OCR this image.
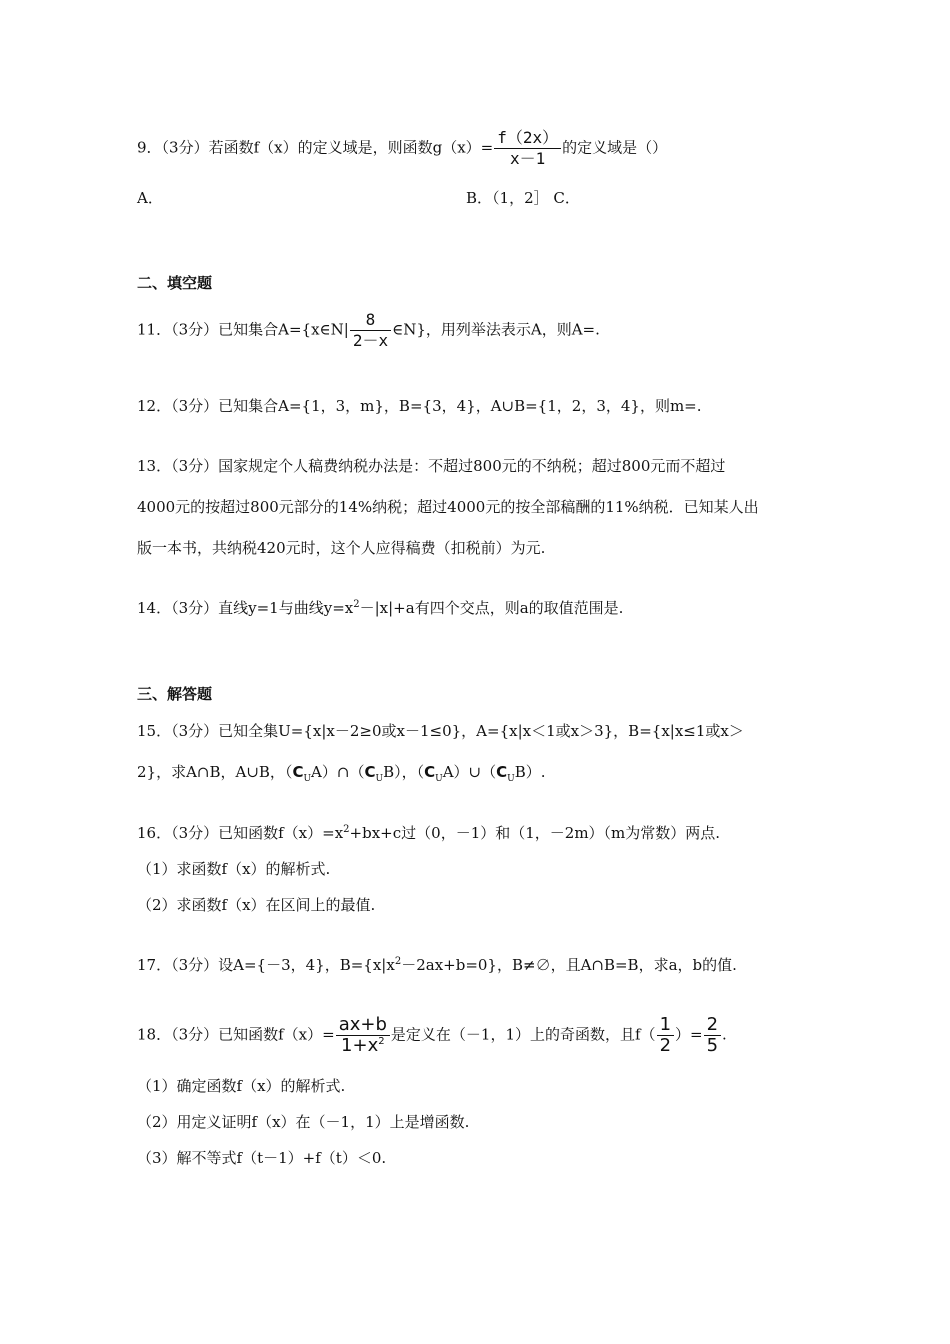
9．（3分）若函数f（x）的定义域是，则函数$g(x)= \frac{f(2x)}{x-1}$ 的定义域是（）
A．	B．（1，2］ C．
二、填空题
11．（3分）已知集合A={x∈N| $\frac{8}{2-x}$ ∈N}，用列举法表示A，则A=.
12．（3分）已知集合A={1，3，m}，B={3，4}，A∪B={1，2，3，4}，则m=.
13．（3分）国家规定个人稿费纳税办法是：不超过800元的不纳税；超过800元而不超过
4000元的按超过800元部分的14%纳税；超过4000元的按全部稿酬的11%纳税．已知某人出
版一本书，共纳税420元时，这个人应得稿费（扣税前）为元.
14．（3分）直线y=1与曲线$y=x^2-|x|+a$有四个交点，则a的取值范围是.
三、解答题
15．（3分）已知全集U={x|x－2≥0或x－1≤0}，A={x|x＜1或x＞3}，B={x|x≤1或x＞
2}，求A∩B，A∪B，$(C_UA)\cap(C_UB)$，$(C_UA)\cup(C_UB)$.
16．（3分）已知函数$f(x)=x^2+bx+c$过（0，－1）和（1，－2m）（m为常数）两点.
（1）求函数f（x）的解析式.
（2）求函数f（x）在区间上的最值.
17．（3分）设A={－3，4}，$B=\{x|x^2-2ax+b=0\}$，B≠∅，且A∩B=B，求a，b的值.
18．（3分）已知函数$f(x)= \frac{ax+b}{1+x^2}$ 是定义在（－1，1）上的奇函数，且$f( \frac{1}{2}$ ）= $\frac{2}{5}$ .
（1）确定函数f（x）的解析式.
（2）用定义证明f（x）在（－1，1）上是增函数.
（3）解不等式f（t－1）+f（t）＜0.
